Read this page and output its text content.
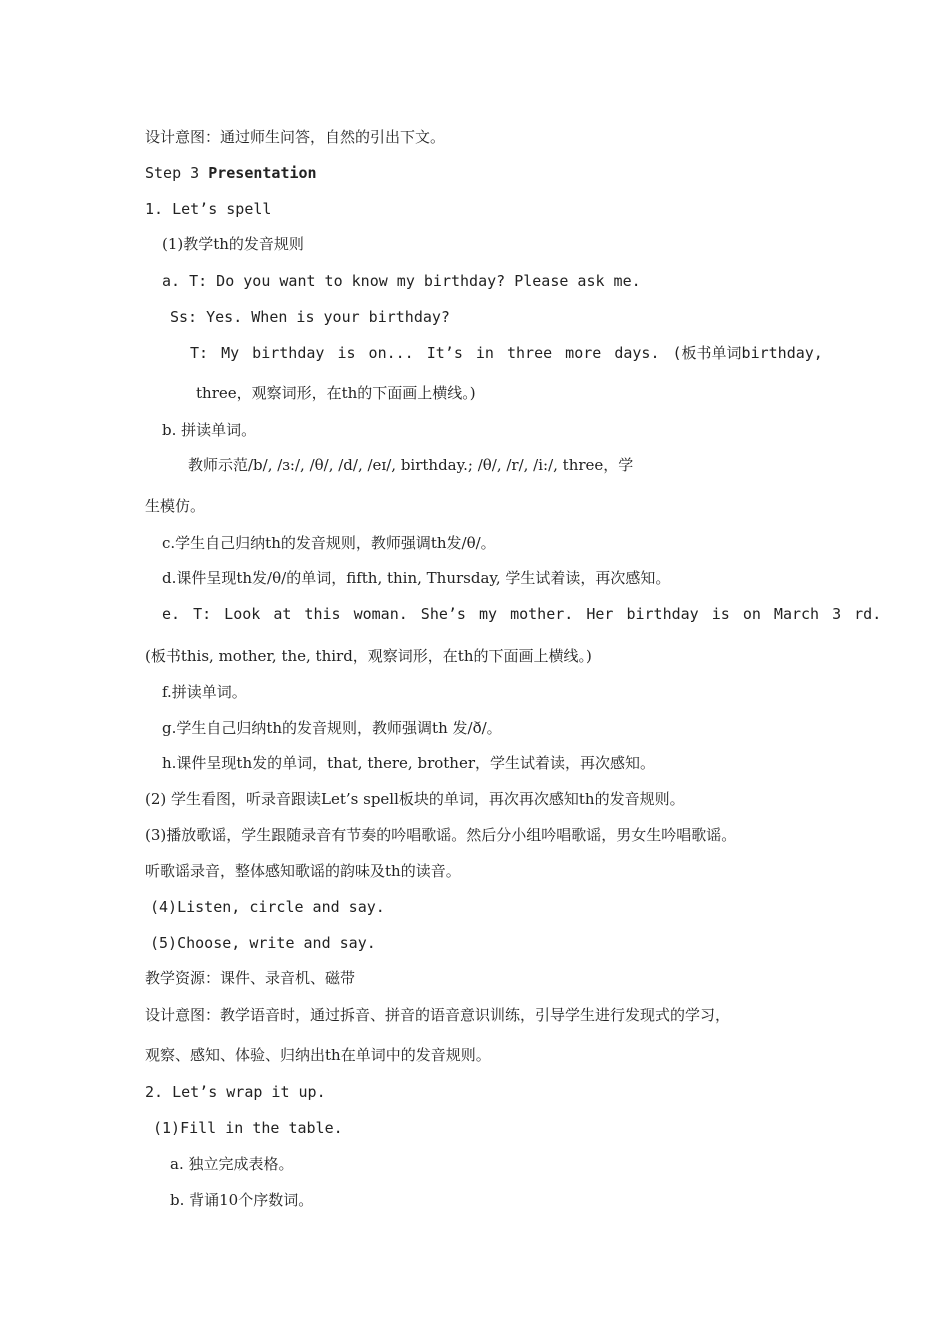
设计意图：通过师生问答，自然的引出下文。
Step 3 Presentation
1. Let’s spell
(1)教学th的发音规则
a. T: Do you want to know my birthday? Please ask me.
Ss: Yes. When is your birthday?
T: My birthday is on... It’s in three more days. (板书单词birthday,
three，观察词形，在th的下面画上横线。)
b. 拼读单词。
教师示范/b/, /ɜ:/, /θ/, /d/, /eɪ/, birthday.; /θ/, /r/, /i:/, three，学
生模仿。
c.学生自己归纳th的发音规则，教师强调th发/θ/。
d.课件呈现th发/θ/的单词，fifth, thin, Thursday, 学生试着读，再次感知。
e. T: Look at this woman. She’s my mother. Her birthday is on March 3 rd.
(板书this, mother, the, third，观察词形，在th的下面画上横线。)
f.拼读单词。
g.学生自己归纳th的发音规则，教师强调th 发/ð/。
h.课件呈现th发的单词，that, there, brother，学生试着读，再次感知。
(2) 学生看图，听录音跟读Let’s spell板块的单词，再次再次感知th的发音规则。
(3)播放歌谣，学生跟随录音有节奏的吟唱歌谣。然后分小组吟唱歌谣，男女生吟唱歌谣。
听歌谣录音，整体感知歌谣的韵味及th的读音。
(4)Listen, circle and say.
(5)Choose, write and say.
教学资源：课件、录音机、磁带
设计意图：教学语音时，通过拆音、拼音的语音意识训练，引导学生进行发现式的学习，
观察、感知、体验、归纳出th在单词中的发音规则。
2. Let’s wrap it up.
(1)Fill in the table.
a. 独立完成表格。
b. 背诵10个序数词。
